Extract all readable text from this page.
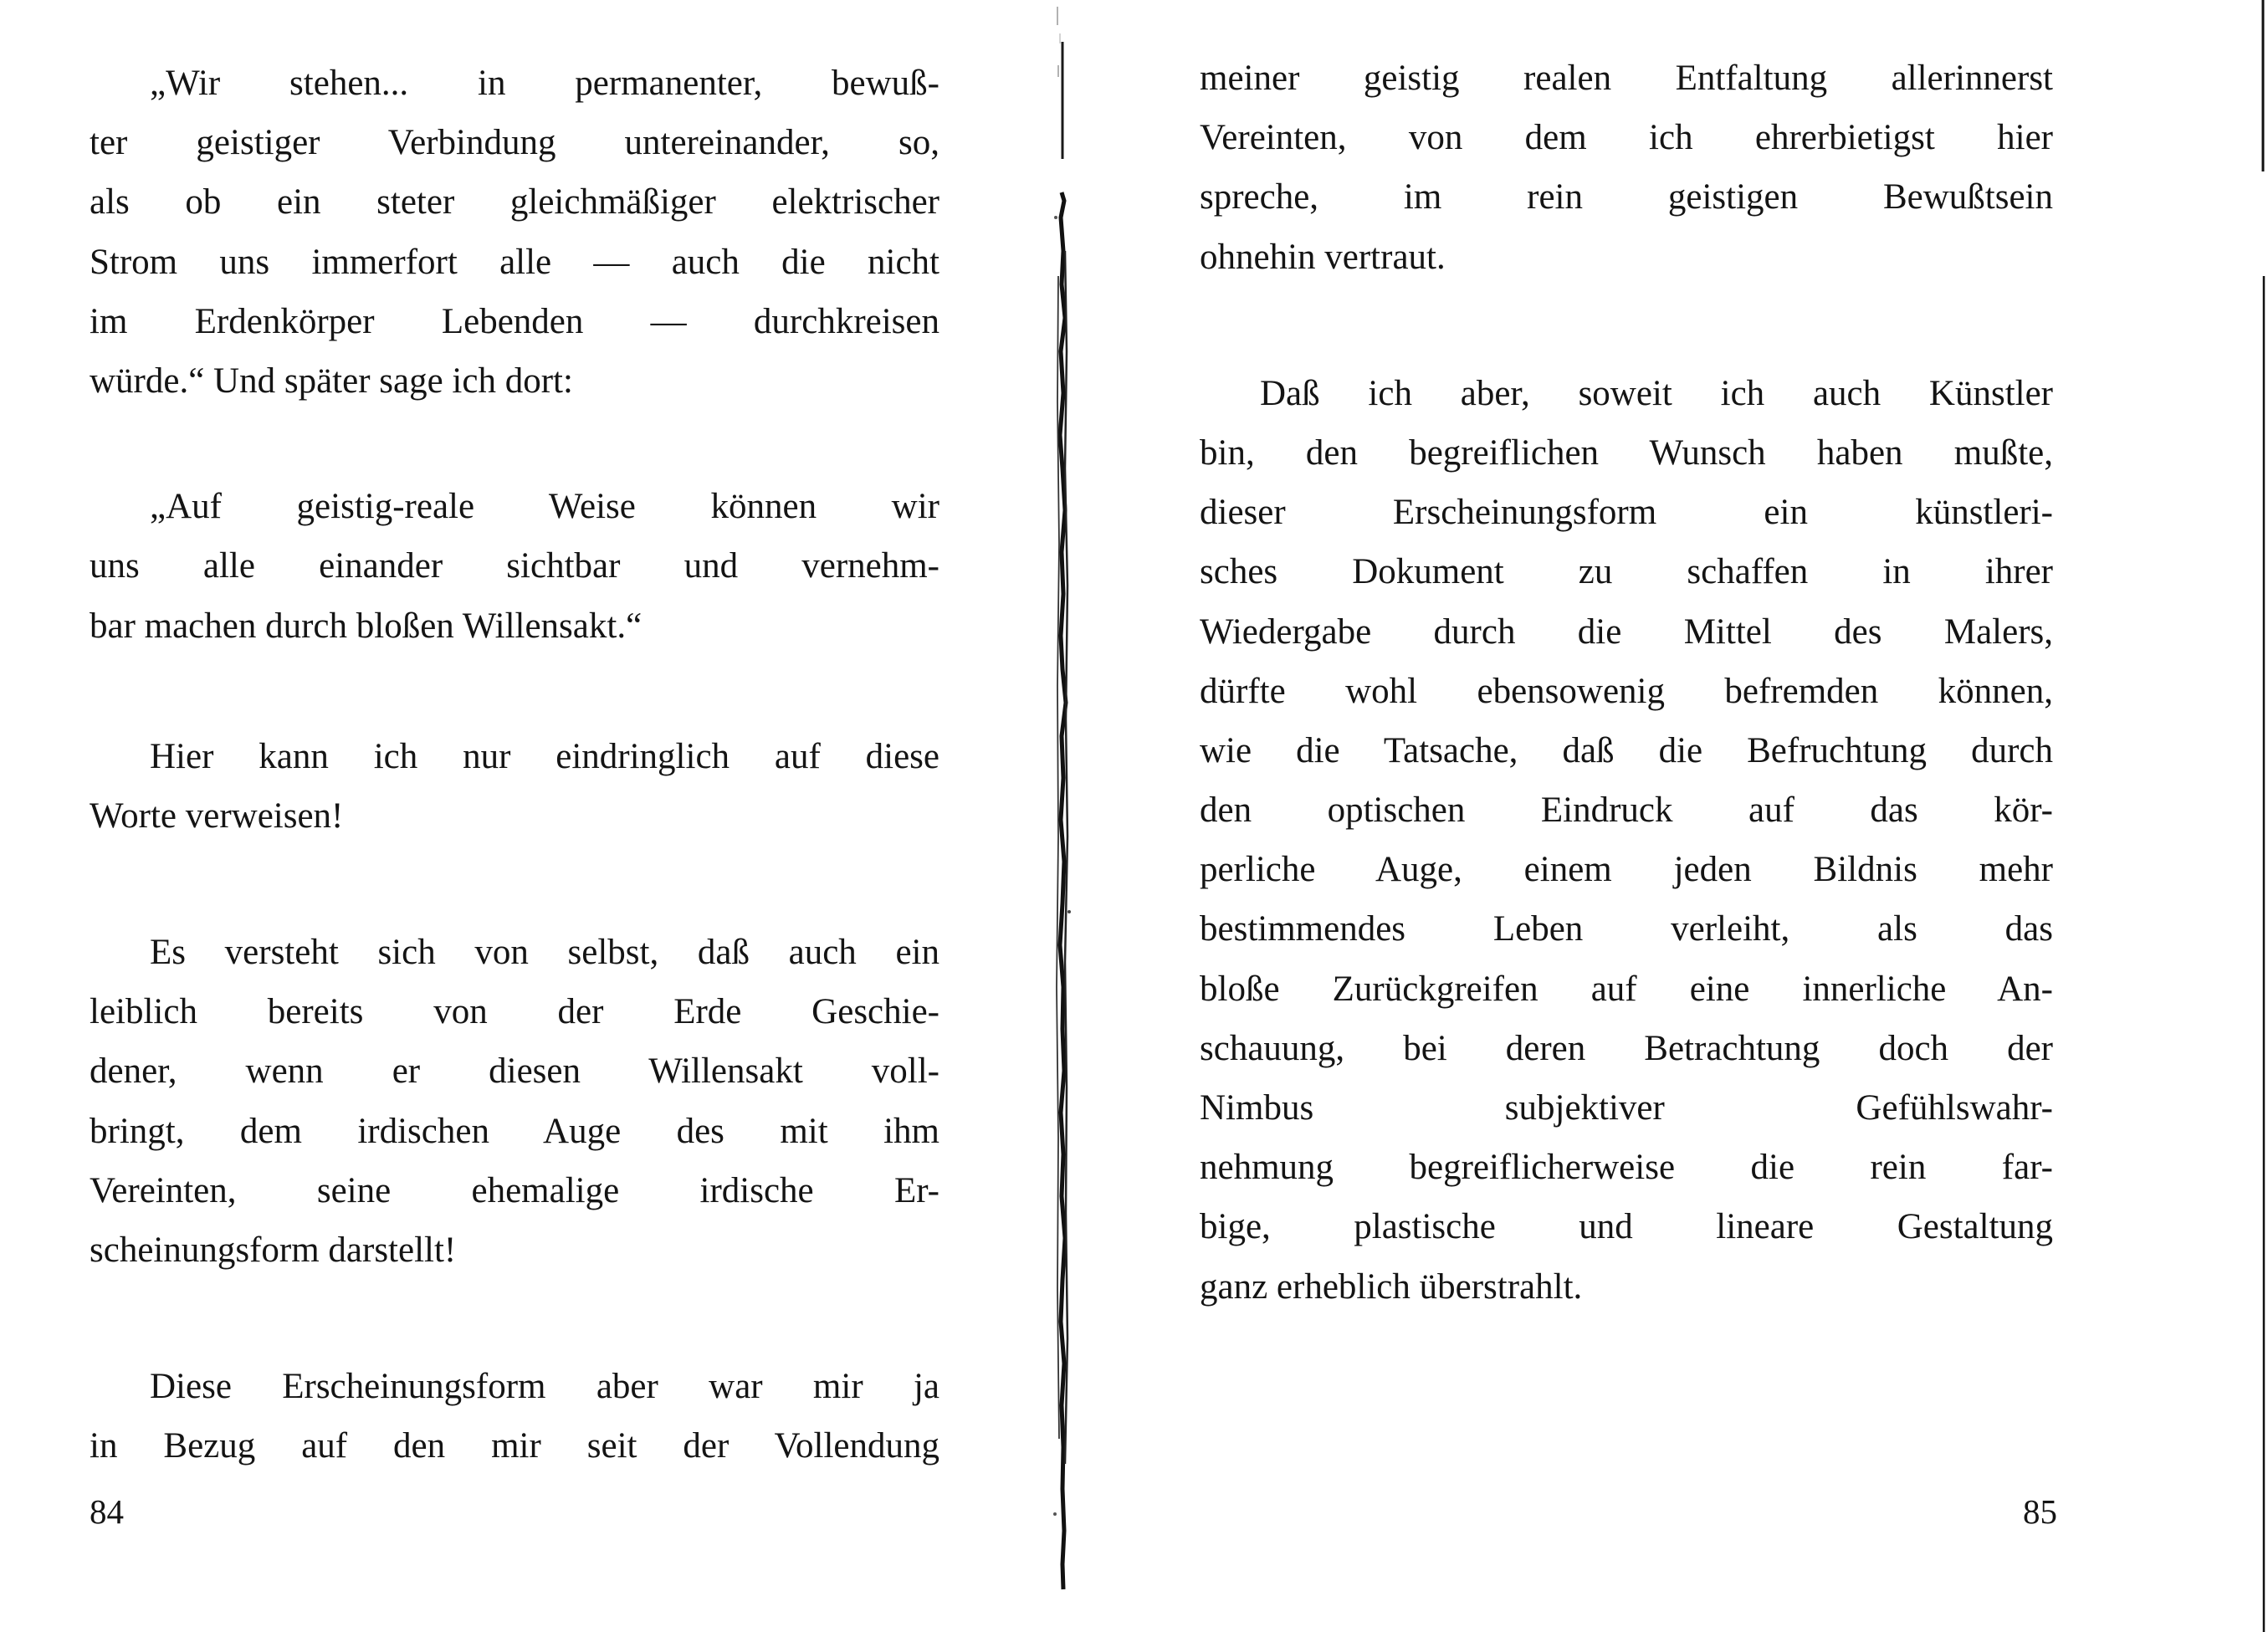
„Wir stehen... in permanenter, bewuß-
ter geistiger Verbindung untereinander, so,
als ob ein steter gleichmäßiger elektrischer
Strom uns immerfort alle — auch die nicht
im Erdenkörper Lebenden — durchkreisen
würde.“ Und später sage ich dort:
„Auf geistig-reale Weise können wir
uns alle einander sichtbar und vernehm-
bar machen durch bloßen Willensakt.“
Hier kann ich nur eindringlich auf diese
Worte verweisen!
Es versteht sich von selbst, daß auch ein
leiblich bereits von der Erde Geschie-
dener, wenn er diesen Willensakt voll-
bringt, dem irdischen Auge des mit ihm
Vereinten, seine ehemalige irdische Er-
scheinungsform darstellt!
Diese Erscheinungsform aber war mir ja
in Bezug auf den mir seit der Vollendung
84
meiner geistig realen Entfaltung allerinnerst
Vereinten, von dem ich ehrerbietigst hier
spreche, im rein geistigen Bewußtsein
ohnehin vertraut.
Daß ich aber, soweit ich auch Künstler
bin, den begreiflichen Wunsch haben mußte,
dieser Erscheinungsform ein künstleri-
sches Dokument zu schaffen in ihrer
Wiedergabe durch die Mittel des Malers,
dürfte wohl ebensowenig befremden können,
wie die Tatsache, daß die Befruchtung durch
den optischen Eindruck auf das kör-
perliche Auge, einem jeden Bildnis mehr
bestimmendes Leben verleiht, als das
bloße Zurückgreifen auf eine innerliche An-
schauung, bei deren Betrachtung doch der
Nimbus subjektiver Gefühlswahr-
nehmung begreiflicherweise die rein far-
bige, plastische und lineare Gestaltung
ganz erheblich überstrahlt.
85
